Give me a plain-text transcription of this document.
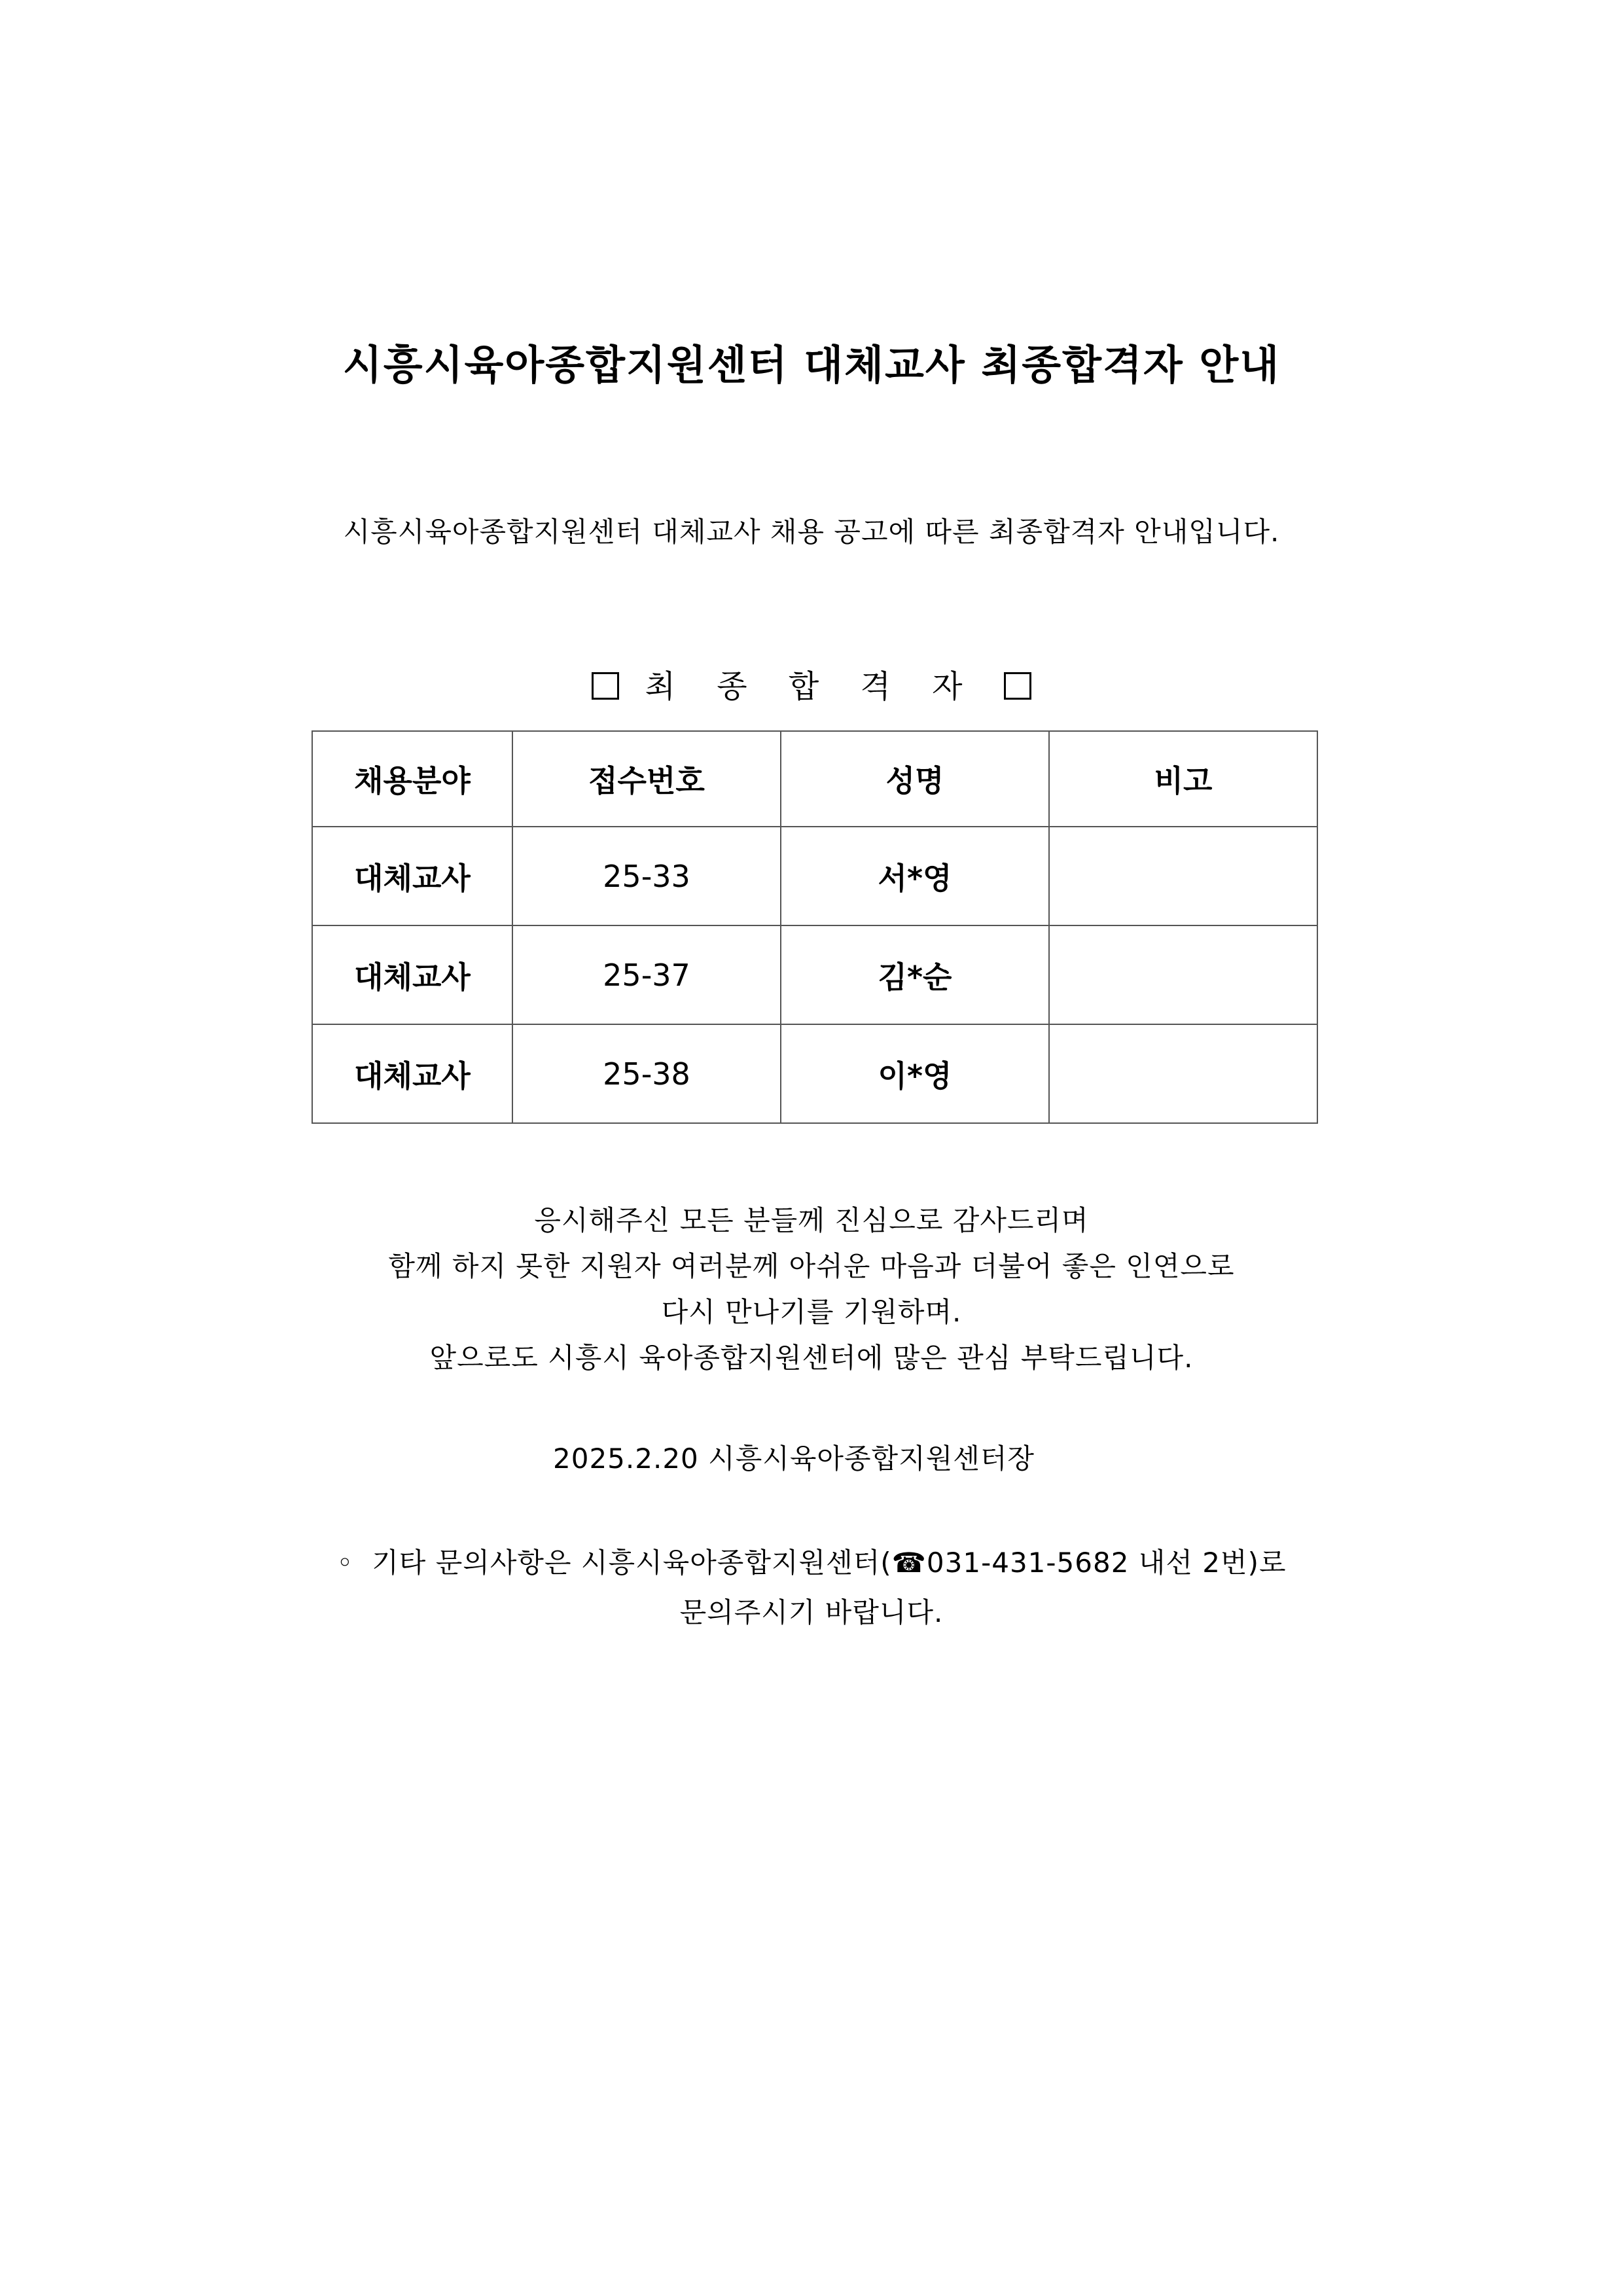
시흥시육아종합지원센터 대체교사 최종합격자 안내
시흥시육아종합지원센터 대체교사 채용 공고에 따른 최종합격자 안내입니다.
최 종 합 격 자
채용분야	접수번호	성명	비고
대체교사	25-33	서*영	
대체교사	25-37	김*순	
대체교사	25-38	이*영	

응시해주신 모든 분들께 진심으로 감사드리며

함께 하지 못한 지원자 여러분께 아쉬운 마음과 더불어 좋은 인연으로

다시 만나기를 기원하며.

앞으로도 시흥시 육아종합지원센터에 많은 관심 부탁드립니다.

2025.2.20 시흥시육아종합지원센터장

◦ 기타 문의사항은 시흥시육아종합지원센터(☎031-431-5682 내선 2번)로

문의주시기 바랍니다.
